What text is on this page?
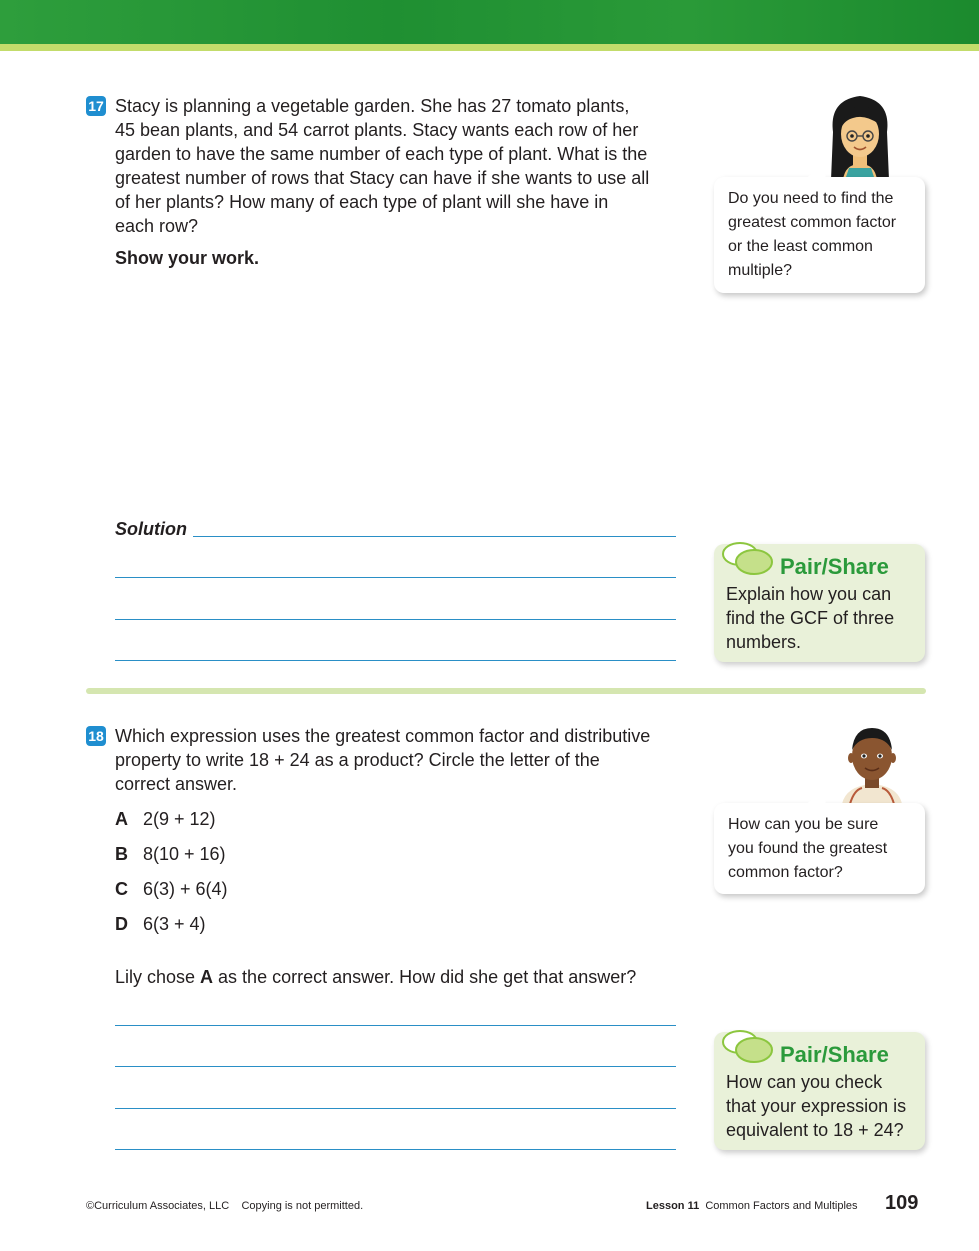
17 Stacy is planning a vegetable garden. She has 27 tomato plants,
45 bean plants, and 54 carrot plants. Stacy wants each row of her
garden to have the same number of each type of plant. What is the
greatest number of rows that Stacy can have if she wants to use all
of her plants? How many of each type of plant will she have in
each row?
Show your work.
Do you need to find the
greatest common factor
or the least common
multiple?
Solution
Pair/Share
Explain how you can
find the GCF of three
numbers.
18 Which expression uses the greatest common factor and distributive
property to write 18 + 24 as a product? Circle the letter of the
correct answer.
A 2(9 + 12)
B 8(10 + 16)
C 6(3) + 6(4)
D 6(3 + 4)
Lily chose A as the correct answer. How did she get that answer?
How can you be sure
you found the greatest
common factor?
Pair/Share
How can you check
that your expression is
equivalent to 18 + 24?
©Curriculum Associates, LLC Copying is not permitted.	Lesson 11 Common Factors and Multiples 109
